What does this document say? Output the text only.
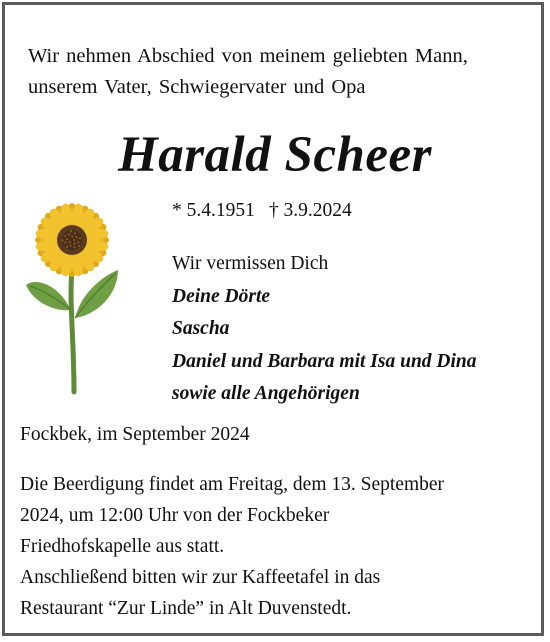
Wir nehmen Abschied von meinem geliebten Mann,
unserem Vater, Schwiegervater und Opa
Harald Scheer
* 5.4.1951 † 3.9.2024
Wir vermissen Dich
Deine Dörte
Sascha
Daniel und Barbara mit Isa und Dina
sowie alle Angehörigen
Fockbek, im September 2024
Die Beerdigung findet am Freitag, dem 13. September
2024, um 12:00 Uhr von der Fockbeker
Friedhofskapelle aus statt.
Anschließend bitten wir zur Kaffeetafel in das
Restaurant “Zur Linde” in Alt Duvenstedt.
